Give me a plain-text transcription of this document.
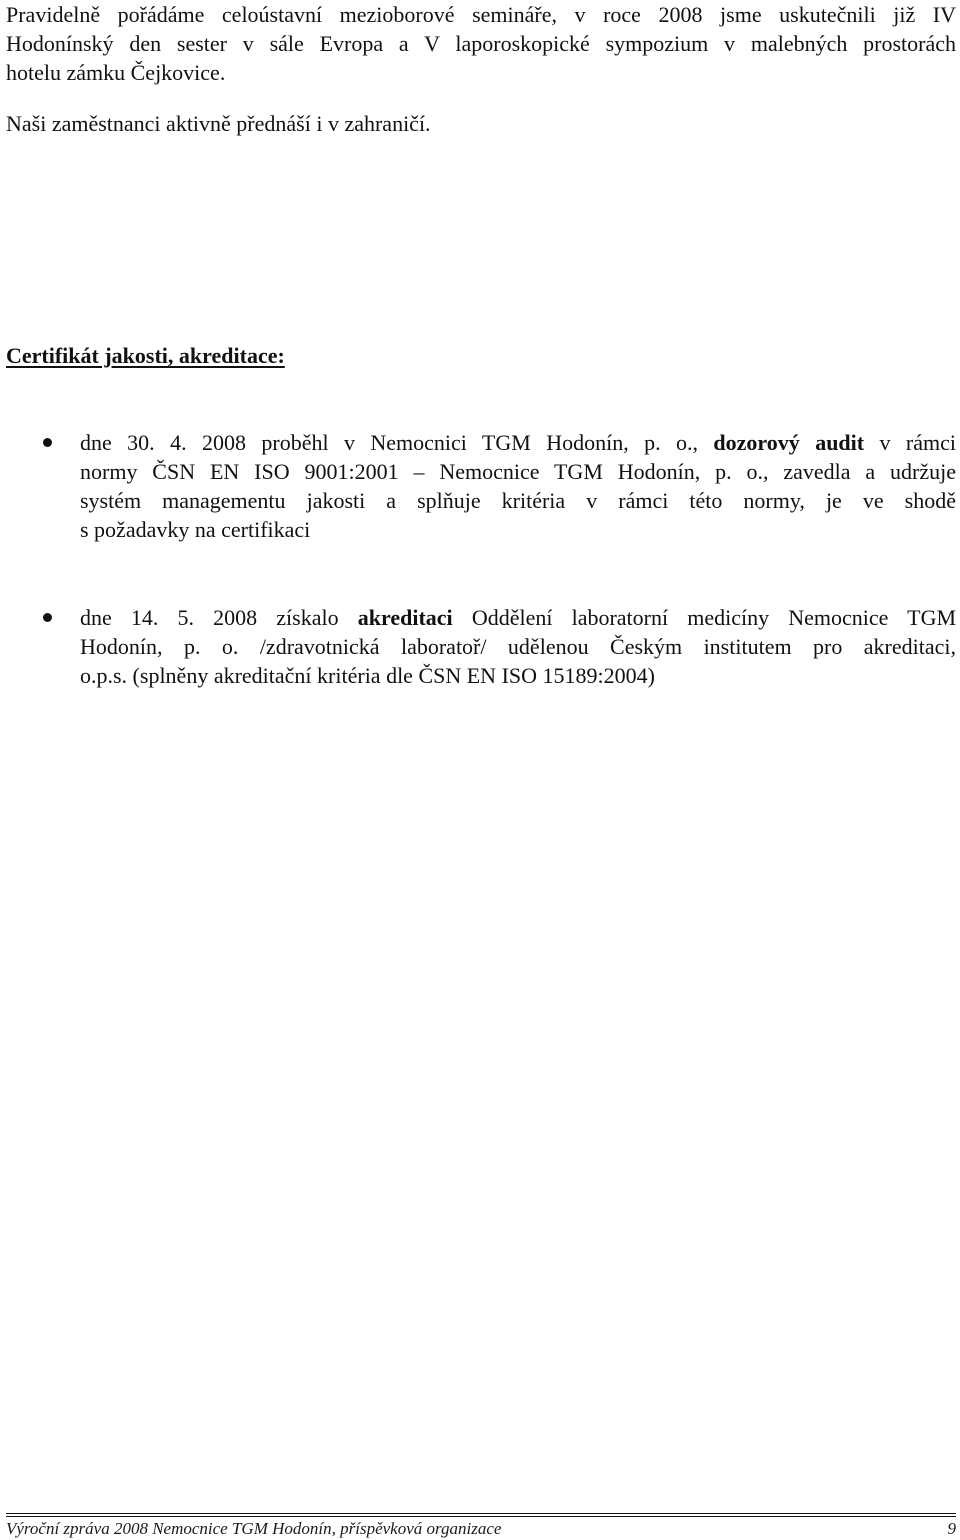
Pravidelně pořádáme celoústavní mezioborové semináře, v roce 2008 jsme uskutečnili již IV
Hodonínský den sester v sále Evropa a V laporoskopické sympozium v malebných prostorách
hotelu zámku Čejkovice.

Naši zaměstnanci aktivně přednáší i v zahraničí.

Certifikát jakosti, akreditace:
dne 30. 4. 2008 proběhl v Nemocnici TGM Hodonín, p. o., dozorový audit v rámci
normy ČSN EN ISO 9001:2001 – Nemocnice TGM Hodonín, p. o., zavedla a udržuje
systém managementu jakosti a splňuje kritéria v rámci této normy, je ve shodě
s požadavky na certifikaci
dne 14. 5. 2008 získalo akreditaci Oddělení laboratorní medicíny Nemocnice TGM
Hodonín, p. o. /zdravotnická laboratoř/ udělenou Českým institutem pro akreditaci,
o.p.s. (splněny akreditační kritéria dle ČSN EN ISO 15189:2004)
Výroční zpráva 2008 Nemocnice TGM Hodonín, příspěvková organizace	9
